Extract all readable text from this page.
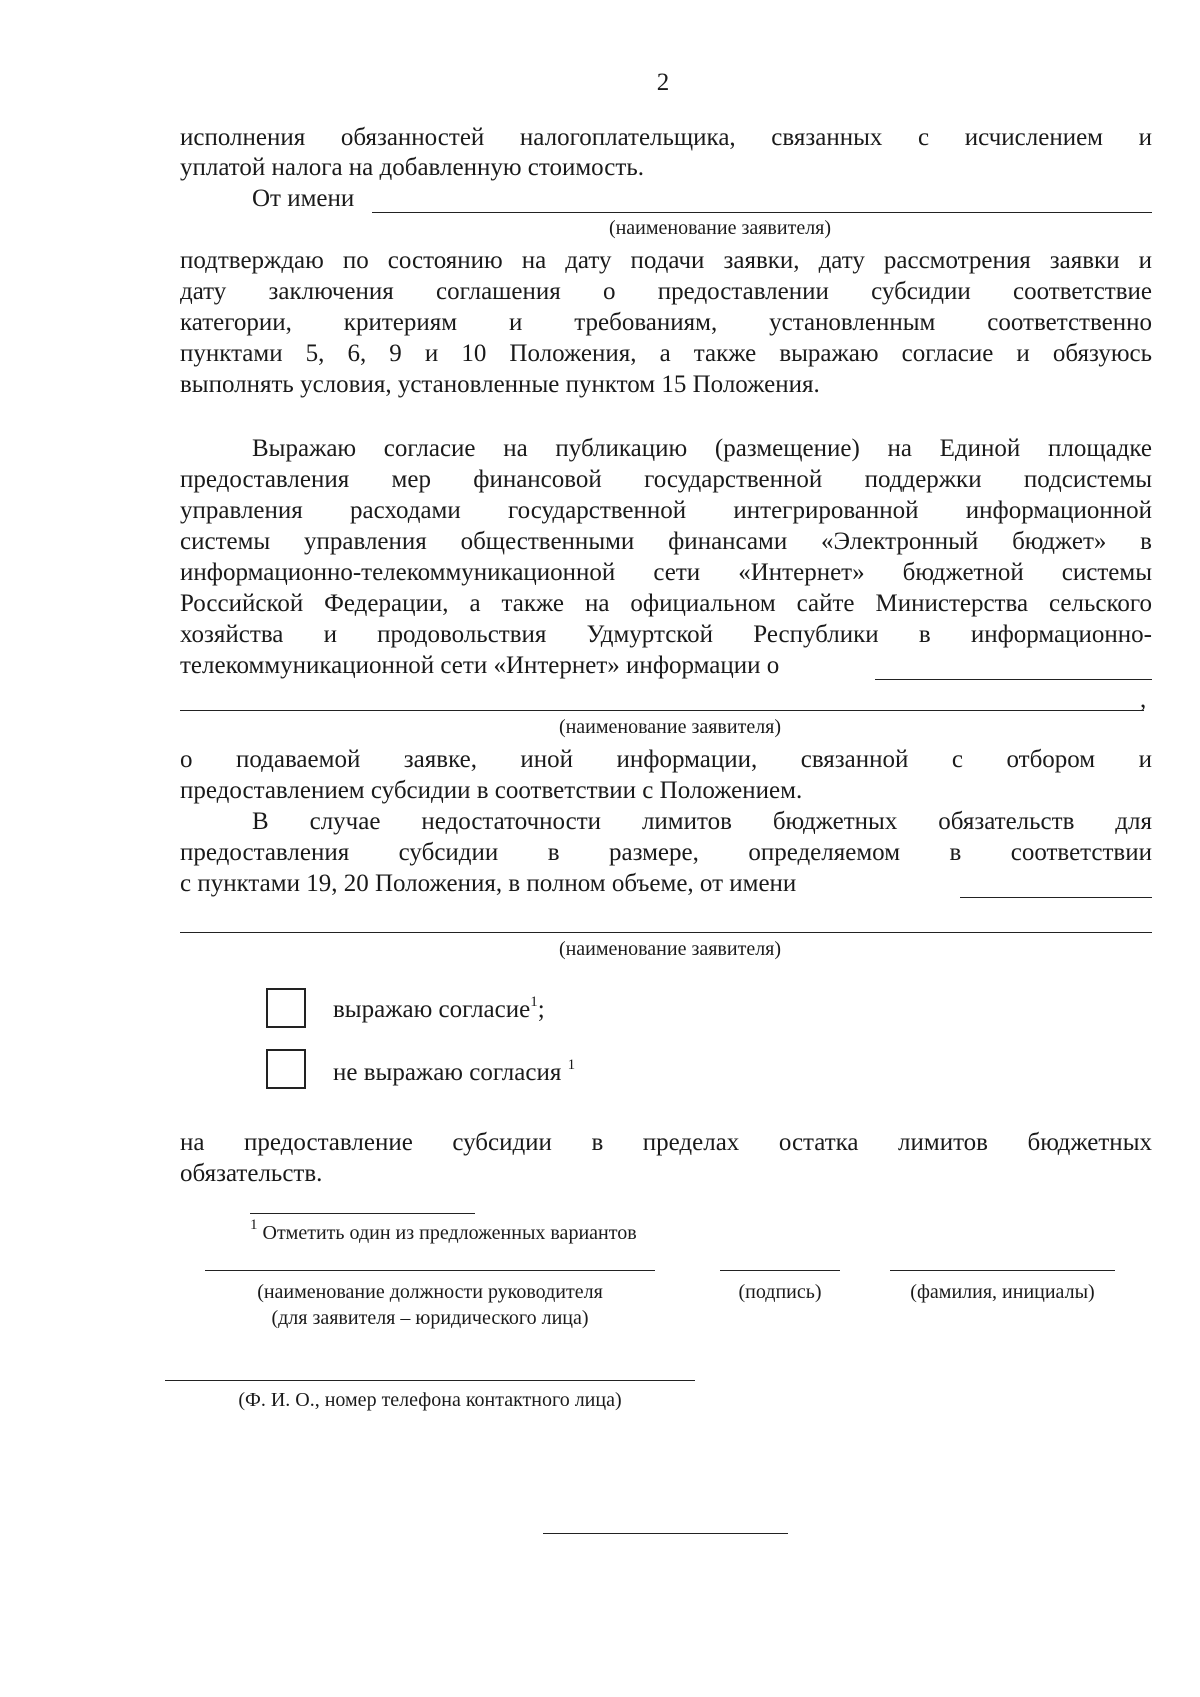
2
исполнения обязанностей налогоплательщика, связанных с исчислением и
уплатой налога на добавленную стоимость.
От имени
(наименование заявителя)
подтверждаю по состоянию на дату подачи заявки, дату рассмотрения заявки и
дату заключения соглашения о предоставлении субсидии соответствие
категории, критериям и требованиям, установленным соответственно
пунктами 5, 6, 9 и 10 Положения, а также выражаю согласие и обязуюсь
выполнять условия, установленные пунктом 15 Положения.
Выражаю согласие на публикацию (размещение) на Единой площадке
предоставления мер финансовой государственной поддержки подсистемы
управления расходами государственной интегрированной информационной
системы управления общественными финансами «Электронный бюджет» в
информационно-телекоммуникационной сети «Интернет» бюджетной системы
Российской Федерации, а также на официальном сайте Министерства сельского
хозяйства и продовольствия Удмуртской Республики в информационно-
телекоммуникационной сети «Интернет» информации о
,
(наименование заявителя)
о подаваемой заявке, иной информации, связанной с отбором и
предоставлением субсидии в соответствии с Положением.
В случае недостаточности лимитов бюджетных обязательств для
предоставления субсидии в размере, определяемом в соответствии
с пунктами 19, 20 Положения, в полном объеме, от имени
(наименование заявителя)
выражаю согласие$^1$;
не выражаю согласия $^1$
на предоставление субсидии в пределах остатка лимитов бюджетных
обязательств.
$^1$ Отметить один из предложенных вариантов
(наименование должности руководителя
(для заявителя – юридического лица)
(подпись)	(фамилия, инициалы)
(Ф. И. О., номер телефона контактного лица)
